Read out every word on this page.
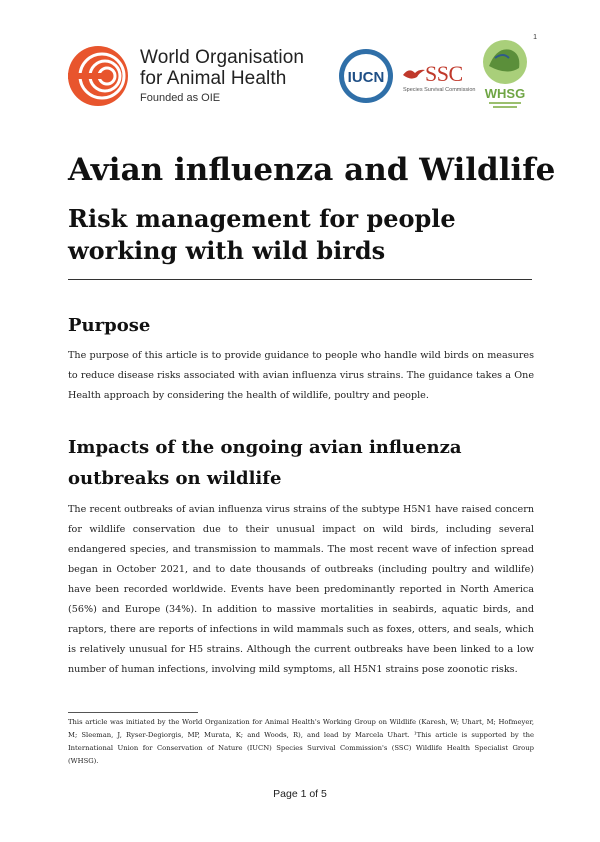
World Organisation
for Animal Health
Founded as OIE
IUCN SSC
Species Survival Commission WHSG
1
Avian influenza and Wildlife
Risk management for people working with wild birds
Purpose

The purpose of this article is to provide guidance to people who handle wild birds on measures to reduce disease risks associated with avian influenza virus strains. The guidance takes a One Health approach by considering the health of wildlife, poultry and people.

Impacts of the ongoing avian influenza outbreaks on wildlife

The recent outbreaks of avian influenza virus strains of the subtype H5N1 have raised concern for wildlife conservation due to their unusual impact on wild birds, including several endangered species, and transmission to mammals. The most recent wave of infection spread began in October 2021, and to date thousands of outbreaks (including poultry and wildlife) have been recorded worldwide. Events have been predominantly reported in North America (56%) and Europe (34%). In addition to massive mortalities in seabirds, aquatic birds, and raptors, there are reports of infections in wild mammals such as foxes, otters, and seals, which is relatively unusual for H5 strains. Although the current outbreaks have been linked to a low number of human infections, involving mild symptoms, all H5N1 strains pose zoonotic risks.

This article was initiated by the World Organization for Animal Health's Working Group on Wildlife (Karesh, W; Uhart, M; Hofmeyer, M; Sleeman, J, Ryser-Degiorgis, MP, Murata, K; and Woods, R), and lead by Marcela Uhart. ¹This article is supported by the International Union for Conservation of Nature (IUCN) Species Survival Commission's (SSC) Wildlife Health Specialist Group (WHSG).

Page 1 of 5
